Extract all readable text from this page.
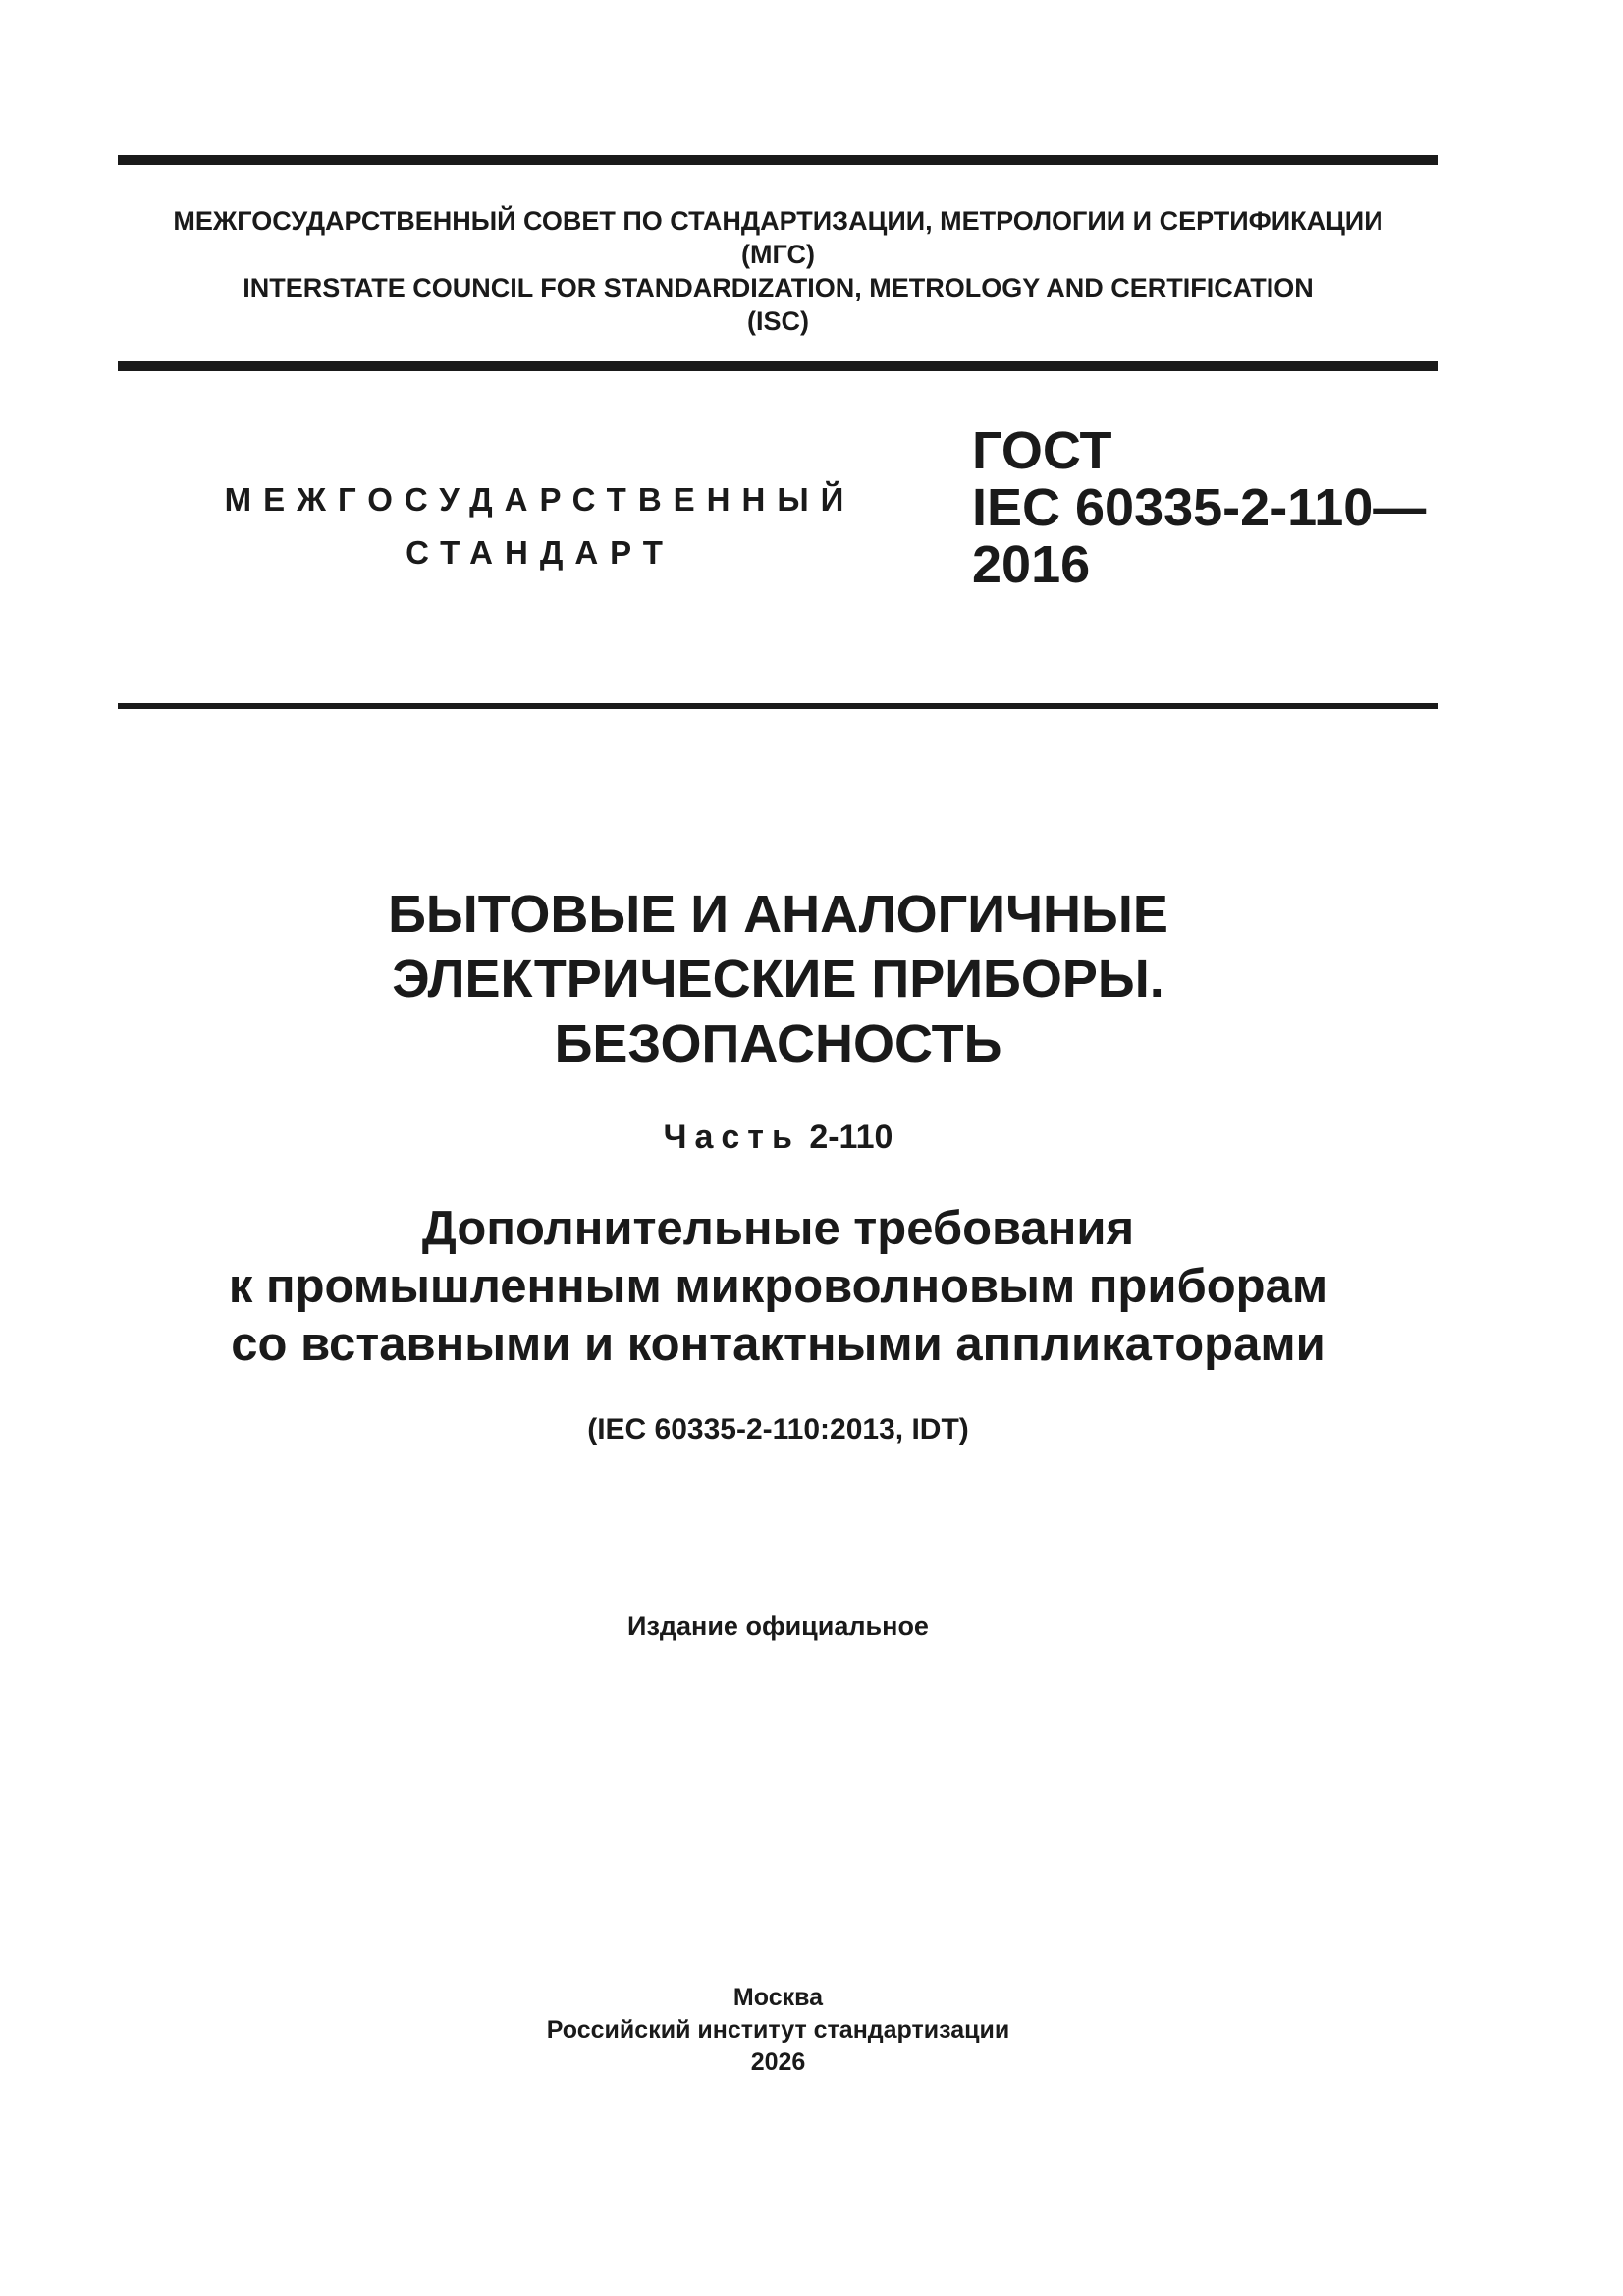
МЕЖГОСУДАРСТВЕННЫЙ СОВЕТ ПО СТАНДАРТИЗАЦИИ, МЕТРОЛОГИИ И СЕРТИФИКАЦИИ
(МГС)
INTERSTATE COUNCIL FOR STANDARDIZATION, METROLOGY AND CERTIFICATION
(ISC)
МЕЖГОСУДАРСТВЕННЫЙ
СТАНДАРТ
ГОСТ
IEC 60335-2-110—
2016
БЫТОВЫЕ И АНАЛОГИЧНЫЕ
ЭЛЕКТРИЧЕСКИЕ ПРИБОРЫ.
БЕЗОПАСНОСТЬ
Часть 2-110
Дополнительные требования
к промышленным микроволновым приборам
со вставными и контактными аппликаторами
(IEC 60335-2-110:2013, IDT)
Издание официальное
Москва
Российский институт стандартизации
2026
